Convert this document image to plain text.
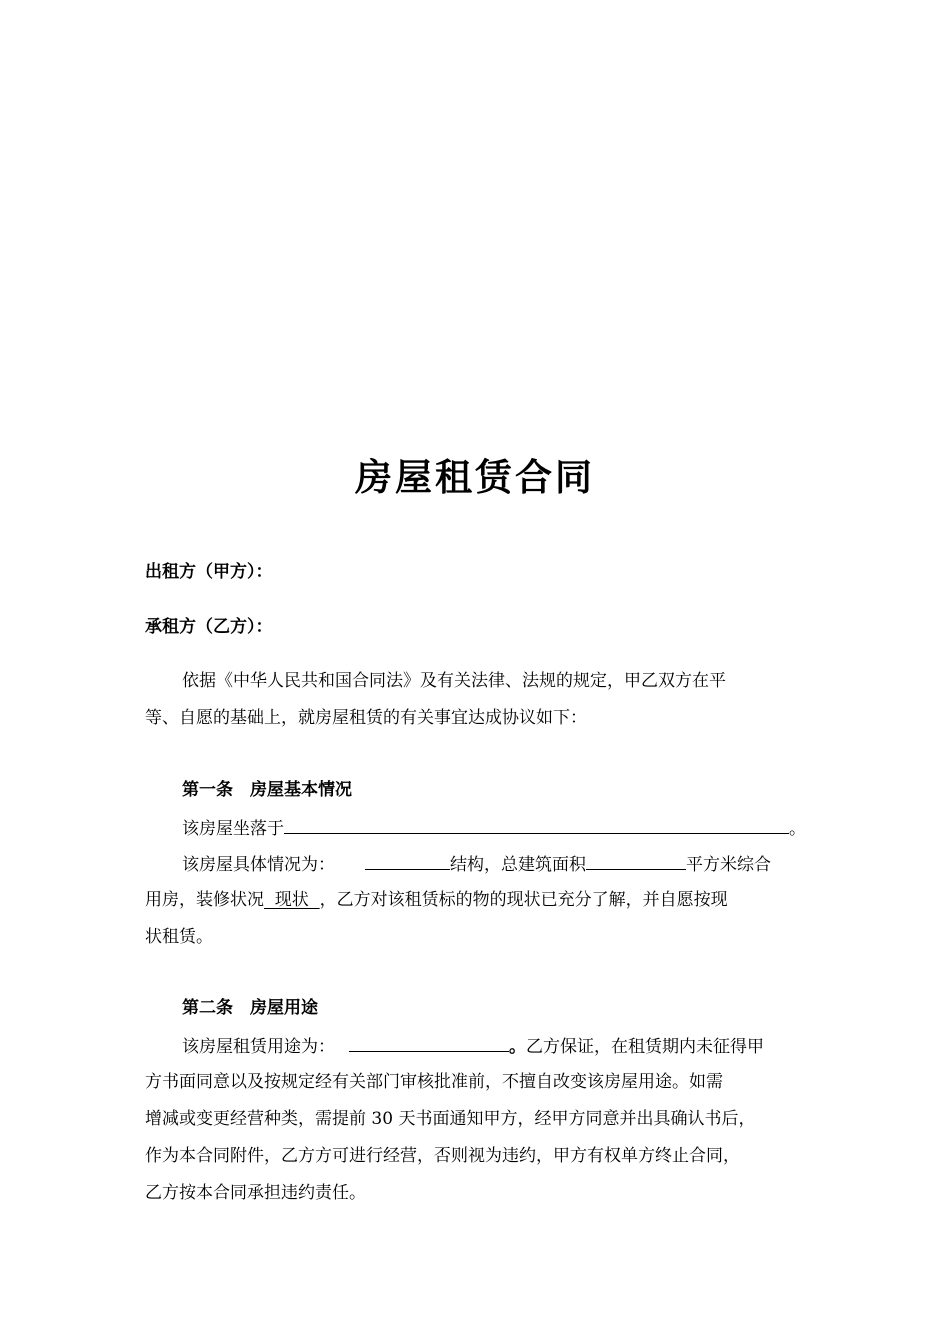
房屋租赁合同
出租方（甲方）：
承租方（乙方）：
依据《中华人民共和国合同法》及有关法律、法规的规定，甲乙双方在平
等、自愿的基础上，就房屋租赁的有关事宜达成协议如下：
第一条　房屋基本情况
该房屋坐落于	。
该房屋具体情况为：	结构，总建筑面积	平方米综合
用房，装修状况  现状  ，乙方对该租赁标的物的现状已充分了解，并自愿按现
状租赁。
第二条　房屋用途
该房屋租赁用途为：	。乙方保证，在租赁期内未征得甲
方书面同意以及按规定经有关部门审核批准前，不擅自改变该房屋用途。如需
增减或变更经营种类，需提前 30 天书面通知甲方，经甲方同意并出具确认书后，
作为本合同附件，乙方方可进行经营，否则视为违约，甲方有权单方终止合同，
乙方按本合同承担违约责任。
